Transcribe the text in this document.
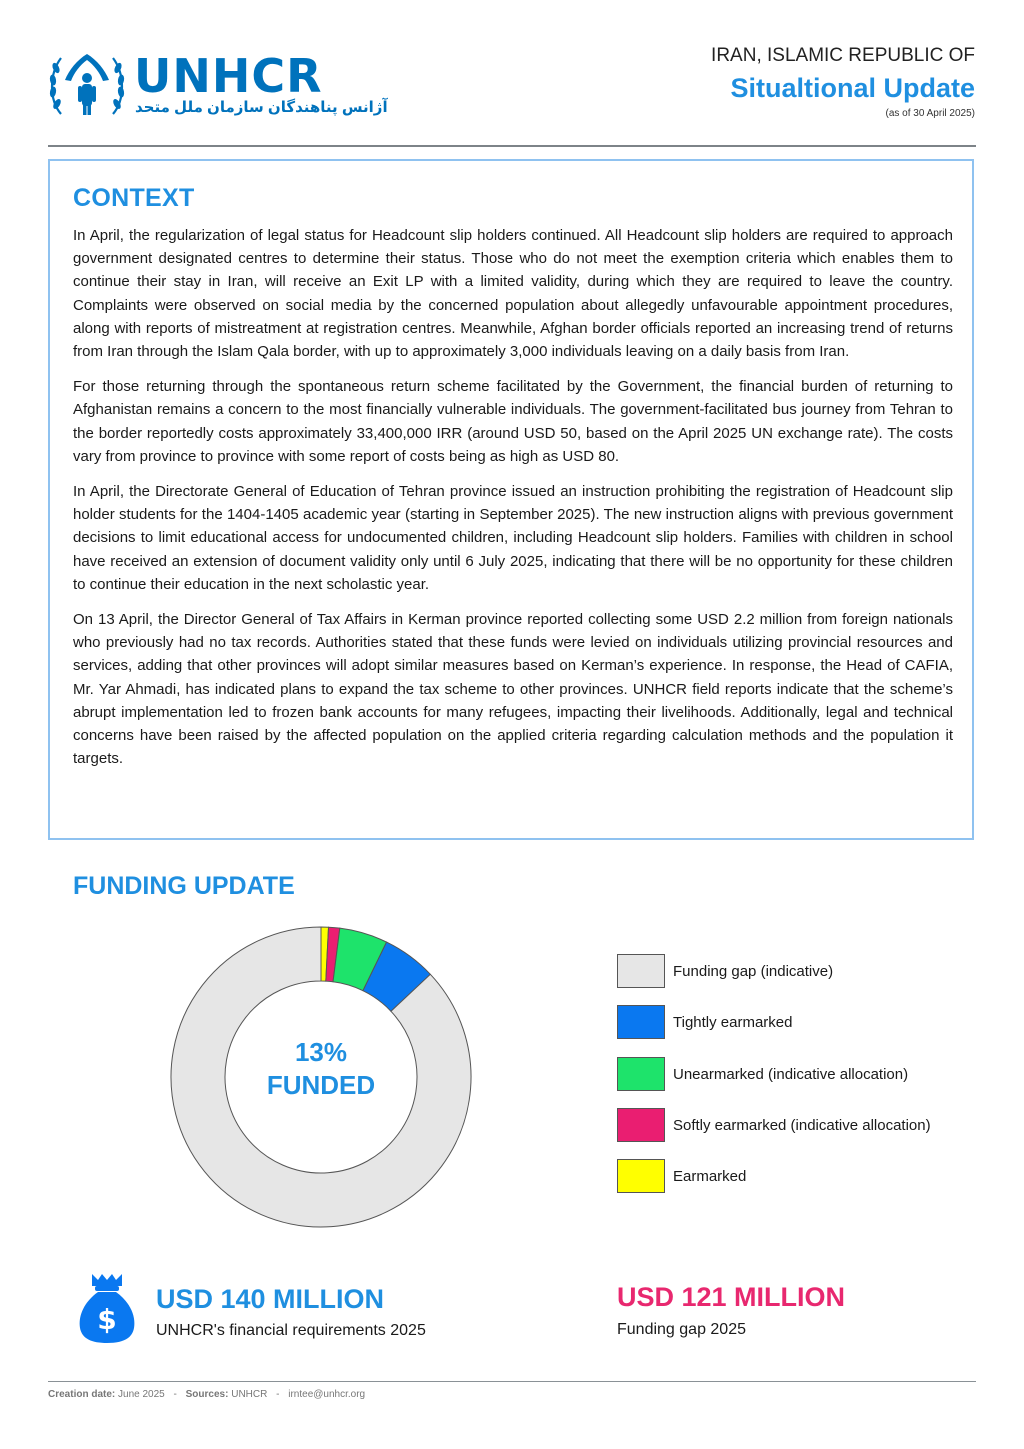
UNHCR
آژانس پناهندگان سازمان ملل متحد
IRAN, ISLAMIC REPUBLIC OF
Situaltional Update
(as of 30 April 2025)
CONTEXT

In April, the regularization of legal status for Headcount slip holders continued. All Headcount slip holders are required to approach government designated centres to determine their status. Those who do not meet the exemption criteria which enables them to continue their stay in Iran, will receive an Exit LP with a limited validity, during which they are required to leave the country. Complaints were observed on social media by the concerned population about allegedly unfavourable appointment procedures, along with reports of mistreatment at registration centres. Meanwhile, Afghan border officials reported an increasing trend of returns from Iran through the Islam Qala border, with up to approximately 3,000 individuals leaving on a daily basis from Iran.

For those returning through the spontaneous return scheme facilitated by the Government, the financial burden of returning to Afghanistan remains a concern to the most financially vulnerable individuals. The government-facilitated bus journey from Tehran to the border reportedly costs approximately 33,400,000 IRR (around USD 50, based on the April 2025 UN exchange rate). The costs vary from province to province with some report of costs being as high as USD 80.

In April, the Directorate General of Education of Tehran province issued an instruction prohibiting the registration of Headcount slip holder students for the 1404-1405 academic year (starting in September 2025). The new instruction aligns with previous government decisions to limit educational access for undocumented children, including Headcount slip holders. Families with children in school have received an extension of document validity only until 6 July 2025, indicating that there will be no opportunity for these children to continue their education in the next scholastic year.

On 13 April, the Director General of Tax Affairs in Kerman province reported collecting some USD 2.2 million from foreign nationals who previously had no tax records. Authorities stated that these funds were levied on individuals utilizing provincial resources and services, adding that other provinces will adopt similar measures based on Kerman’s experience. In response, the Head of CAFIA, Mr. Yar Ahmadi, has indicated plans to expand the tax scheme to other provinces. UNHCR field reports indicate that the scheme’s abrupt implementation led to frozen bank accounts for many refugees, impacting their livelihoods. Additionally, legal and technical concerns have been raised by the affected population on the applied criteria regarding calculation methods and the population it targets.

FUNDING UPDATE
13%
FUNDED
Funding gap (indicative)
Tightly earmarked
Unearmarked (indicative allocation)
Softly earmarked (indicative allocation)
Earmarked
$
USD 140 MILLION
UNHCR's financial requirements 2025
USD 121 MILLION
Funding gap 2025
Creation date: June 2025 - Sources: UNHCR - irntee@unhcr.org
